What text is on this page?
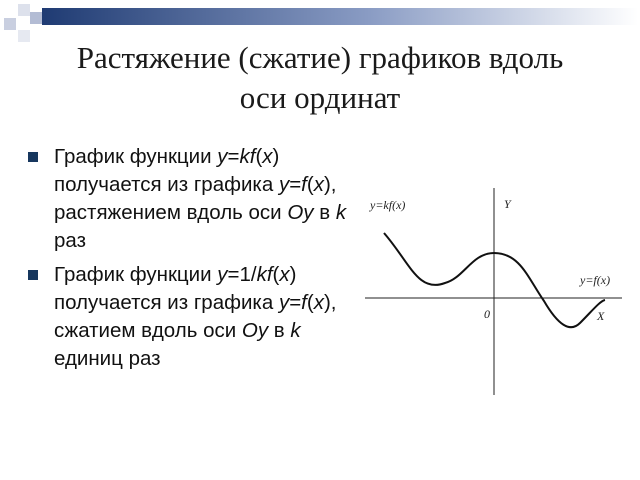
Растяжение (сжатие) графиков вдоль
оси ординат
График функции y=kf(x) получается из графика y=f(x), растяжением вдоль оси Oy в k раз
График функции y=1/kf(x) получается из графика y=f(x), сжатием вдоль оси Oy в k единиц раз
y=kf(x)
y=f(x)
Y
X
0
